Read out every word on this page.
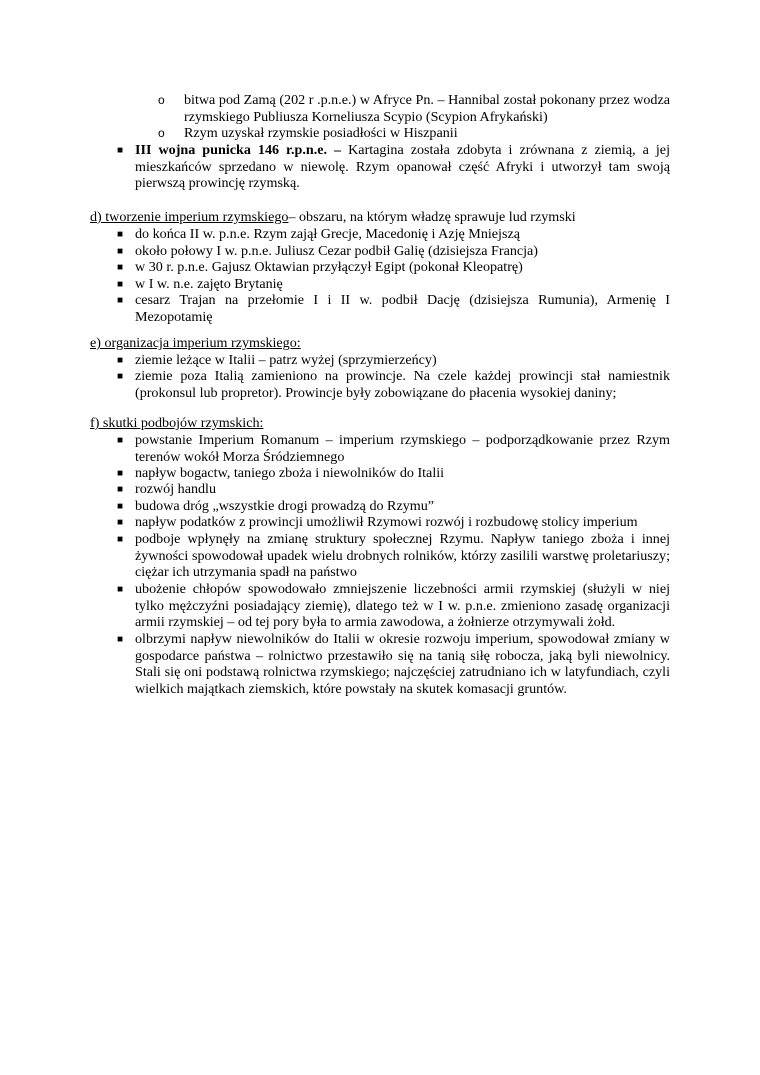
o bitwa pod Zamą (202 r .p.n.e.) w Afryce Pn. – Hannibal został pokonany przez wodza rzymskiego Publiusza Korneliusza Scypio (Scypion Afrykański)
o Rzym uzyskał rzymskie posiadłości w Hiszpanii
■ III wojna punicka 146 r.p.n.e. – Kartagina została zdobyta i zrównana z ziemią, a jej mieszkańców sprzedano w niewolę. Rzym opanował część Afryki i utworzył tam swoją pierwszą prowincję rzymską.
d) tworzenie imperium rzymskiego– obszaru, na którym władzę sprawuje lud rzymski
■ do końca II w. p.n.e. Rzym zajął Grecje, Macedonię i Azję Mniejszą
■ około połowy I w. p.n.e. Juliusz Cezar podbił Galię (dzisiejsza Francja)
■ w 30 r. p.n.e. Gajusz Oktawian przyłączył Egipt (pokonał Kleopatrę)
■ w I w. n.e. zajęto Brytanię
■ cesarz Trajan na przełomie I i II w. podbił Dację (dzisiejsza Rumunia), Armenię I Mezopotamię
e) organizacja imperium rzymskiego:
■ ziemie leżące w Italii – patrz wyżej (sprzymierzeńcy)
■ ziemie poza Italią zamieniono na prowincje. Na czele każdej prowincji stał namiestnik (prokonsul lub propretor). Prowincje były zobowiązane do płacenia wysokiej daniny;
f) skutki podbojów rzymskich:
■ powstanie Imperium Romanum – imperium rzymskiego – podporządkowanie przez Rzym terenów wokół Morza Śródziemnego
■ napływ bogactw, taniego zboża i niewolników do Italii
■ rozwój handlu
■ budowa dróg „wszystkie drogi prowadzą do Rzymu”
■ napływ podatków z prowincji umożliwił Rzymowi rozwój i rozbudowę stolicy imperium
■ podboje wpłynęły na zmianę struktury społecznej Rzymu. Napływ taniego zboża i innej żywności spowodował upadek wielu drobnych rolników, którzy zasilili warstwę proletariuszy; ciężar ich utrzymania spadł na państwo
■ ubożenie chłopów spowodowało zmniejszenie liczebności armii rzymskiej (służyli w niej tylko mężczyźni posiadający ziemię), dlatego też w I w. p.n.e. zmieniono zasadę organizacji armii rzymskiej – od tej pory była to armia zawodowa, a żołnierze otrzymywali żołd.
■ olbrzymi napływ niewolników do Italii w okresie rozwoju imperium, spowodował zmiany w gospodarce państwa – rolnictwo przestawiło się na tanią siłę robocza, jaką byli niewolnicy. Stali się oni podstawą rolnictwa rzymskiego; najczęściej zatrudniano ich w latyfundiach, czyli wielkich majątkach ziemskich, które powstały na skutek komasacji gruntów.
